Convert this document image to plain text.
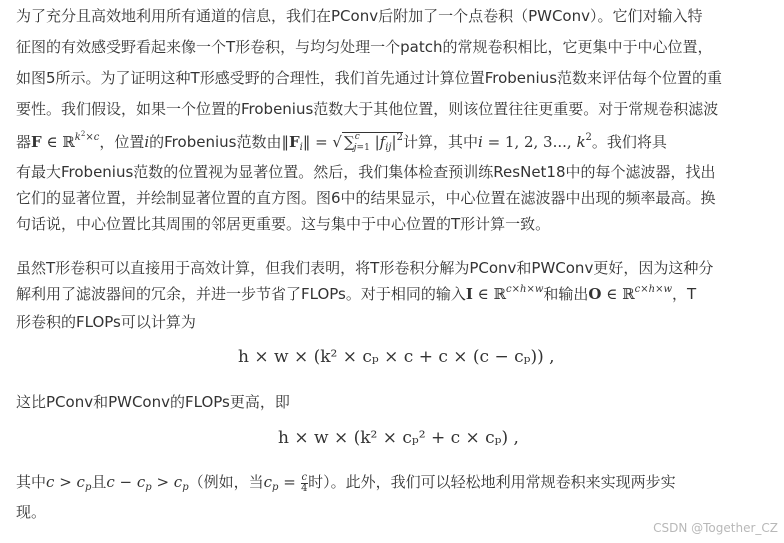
为了充分且高效地利用所有通道的信息，我们在PConv后附加了一个点卷积（PWConv）。它们对输入特
征图的有效感受野看起来像一个T形卷积，与均匀处理一个patch的常规卷积相比，它更集中于中心位置，
如图5所示。为了证明这种T形感受野的合理性，我们首先通过计算位置Frobenius范数来评估每个位置的重
要性。我们假设，如果一个位置的Frobenius范数大于其他位置，则该位置往往更重要。对于常规卷积滤波
器F ∈ ℝ$^{k^2\times c}$，位置i的Frobenius范数由$‖F_i‖$ = √ ∑$^c_{j=1}$ $|f_{ij}|^2$计算，其中i = 1, 2, 3..., $k^2$。我们将具
有最大Frobenius范数的位置视为显著位置。然后，我们集体检查预训练ResNet18中的每个滤波器，找出
它们的显著位置，并绘制显著位置的直方图。图6中的结果显示，中心位置在滤波器中出现的频率最高。换
句话说，中心位置比其周围的邻居更重要。这与集中于中心位置的T形计算一致。
虽然T形卷积可以直接用于高效计算，但我们表明，将T形卷积分解为PConv和PWConv更好，因为这种分
解利用了滤波器间的冗余，并进一步节省了FLOPs。对于相同的输入I ∈ ℝ$^{c\times h\times w}$和输出O ∈ ℝ$^{c\times h\times w}$，T
形卷积的FLOPs可以计算为
h × w × (k² × cₚ × c + c × (c − cₚ)) ,
这比PConv和PWConv的FLOPs更高，即
h × w × (k² × cₚ² + c × cₚ) ,
其中$c > c_p$且$c - c_p > c_p$（例如，当$c_p = \frac{c}{4}$ 时）。此外，我们可以轻松地利用常规卷积来实现两步实
现。
CSDN @Together_CZ
